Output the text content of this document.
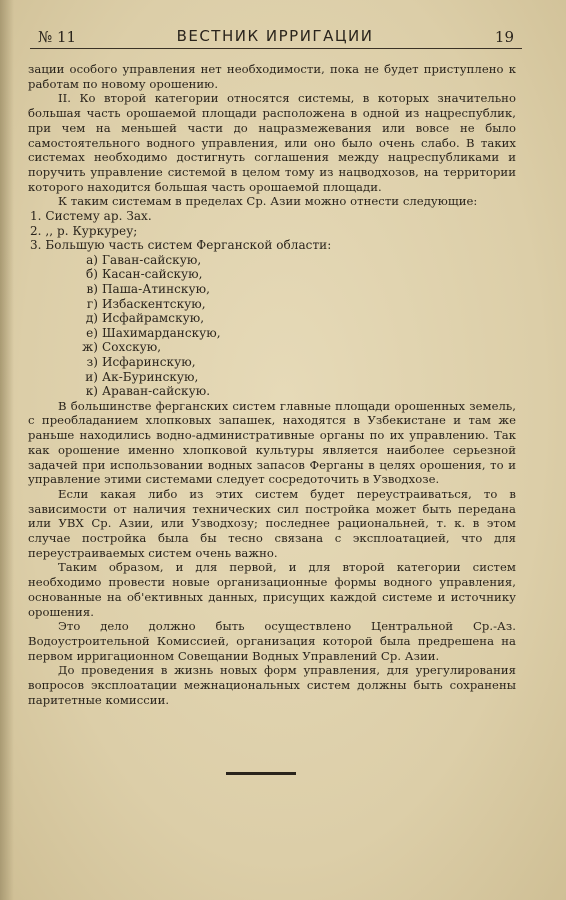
№ 11	ВЕСТНИК ИРРИГАЦИИ	19

зации особого управления нет необходимости, пока не будет приступлено к работам по новому орошению.

II. Ко второй категории относятся системы, в которых значительно большая часть орошаемой площади расположена в одной из нацреспублик, при чем на меньшей части до нацразмежевания или вовсе не было самостоятельного водного управления, или оно было очень слабо. В таких системах необходимо достигнуть соглашения между нацреспубликами и поручить управление системой в целом тому из нацводхозов, на территории которого находится большая часть орошаемой площади.

К таким системам в пределах Ср. Азии можно отнести следующие:

1. Систему ар. Зах.
2. ,, р. Куркуреу;
3. Большую часть систем Ферганской области:
а) Гаван-сайскую,
б) Касан-сайскую,
в) Паша-Атинскую,
г) Избаскентскую,
д) Исфайрамскую,
е) Шахимарданскую,
ж) Сохскую,
з) Исфаринскую,
и) Ак-Буринскую,
к) Араван-сайскую.

В большинстве ферганских систем главные площади орошенных земель, с преобладанием хлопковых запашек, находятся в Узбекистане и там же раньше находились водно-административные органы по их управлению. Так как орошение именно хлопковой культуры является наиболее серьезной задачей при использовании водных запасов Ферганы в целях орошения, то и управление этими системами следует сосредоточить в Узводхозе.

Если какая либо из этих систем будет переустраиваться, то в зависимости от наличия технических сил постройка может быть передана или УВХ Ср. Азии, или Узводхозу; последнее рациональней, т. к. в этом случае постройка была бы тесно связана с эксплоатацией, что для переустраиваемых систем очень важно.

Таким образом, и для первой, и для второй категории систем необходимо провести новые организационные формы водного управления, основанные на об'ективных данных, присущих каждой системе и источнику орошения.

Это дело должно быть осуществлено Центральной Ср.-Аз. Водоустроительной Комиссией, организация которой была предрешена на первом ирригационном Совещании Водных Управлений Ср. Азии.

До проведения в жизнь новых форм управления, для урегулирования вопросов эксплоатации межнациональных систем должны быть сохранены паритетные комиссии.
